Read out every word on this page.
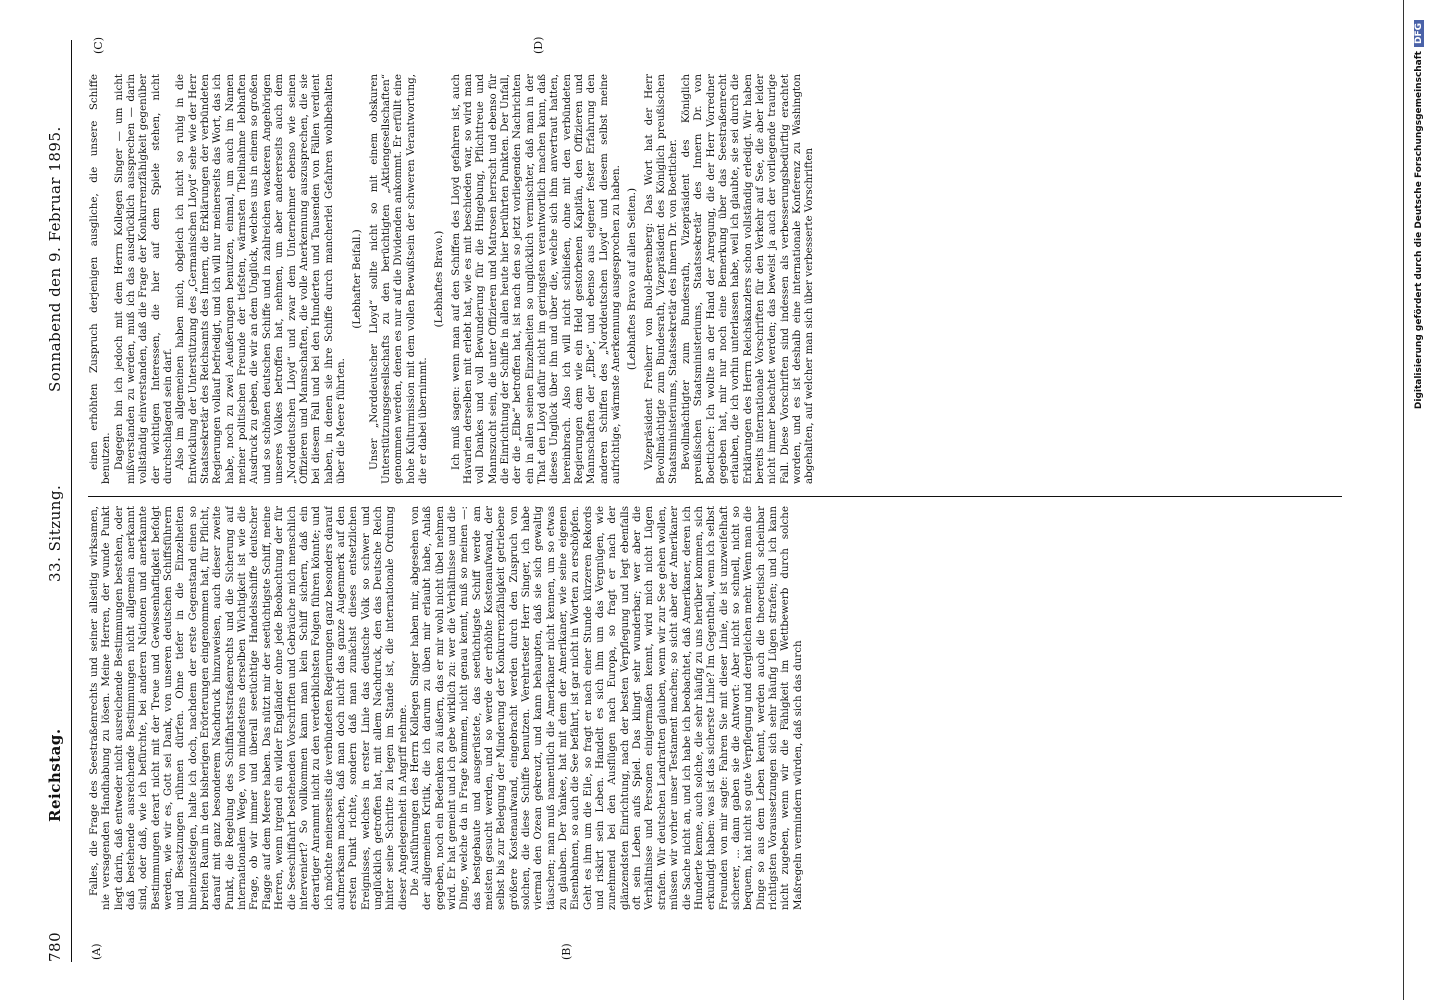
780
Reichstag.
33. Sitzung.
Sonnabend den 9. Februar 1895.
(A)	(B)
(C)	(D)

Falles, die Frage des Seestraßenrechts und seiner allseitig wirksamen, nie versagenden Handhabung zu lösen. Meine Herren, der wunde Punkt liegt darin, daß entweder nicht ausreichende Bestimmungen bestehen, oder daß bestehende ausreichende Bestimmungen nicht allgemein anerkannt sind, oder daß, wie ich befürchte, bei anderen Nationen und anerkannte Bestimmungen derart nicht mit der Treue und Gewissenhaftigkeit befolgt werden, wie wir es, Gott sei Dank, von unseren deutschen Schiffsführern und Besatzungen rühmen dürfen. Ohne tiefer in die Einzelheiten hineinzusteigen, halte ich doch, nachdem der erste Gegenstand einen so breiten Raum in den bisherigen Erörterungen eingenommen hat, für Pflicht, darauf mit ganz besonderem Nachdruck hinzuweisen, auch dieser zweite Punkt, die Regelung des Schiffahrtsstraßenrechts und die Sicherung auf internationalem Wege, von mindestens derselben Wichtigkeit ist wie die Frage, ob wir immer und überall seetüchtige Handelsschiffe deutscher Flagge auf dem Meere haben. Das nützt mir der seetüchtigste Schiff, meine Herren, wenn irgend ein wilder Engländer ohne jede Beobachtung der für die Seeschiffahrt bestehenden Vorschriften und Gebräuche mich menschlich interveniert? So vollkommen kann man kein Schiff sichern, daß ein derartiger Anrammt nicht zu den verderblichsten Folgen führen könnte; und ich möchte meinerseits die verbündeten Regierungen ganz besonders darauf aufmerksam machen, daß man doch nicht das ganze Augenmerk auf den ersten Punkt richte, sondern daß man zunächst dieses entsetzlichen Ereignisses, welches in erster Linie das deutsche Volk so schwer und unglücklich getroffen hat, mit allem Nachdruck, den das Deutsche Reich hinter seine Schritte zu legen im Stande ist, die internationale Ordnung dieser Angelegenheit in Angriff nehme. Die Ausführungen des Herrn Kollegen Singer haben mir, abgesehen von der allgemeinen Kritik, die ich darum zu üben mir erlaubt habe, Anlaß gegeben, noch ein Bedenken zu äußern, das er mir wohl nicht übel nehmen wird. Er hat gemeint und ich gebe wirklich zu: wer die Verhältnisse und die Dinge, welche da in Frage kommen, nicht genau kennt, muß so meinen —: das bestgebaute und ausgerüstete, das seetüchtigste Schiff werde am meisten gesucht werden, und so werde der erhöhte Kostenaufwand, der selbst bis zur Belegung der Minderung der Konkurrenzfähigkeit getriebene größere Kostenaufwand, eingebracht werden durch den Zuspruch von solchen, die diese Schiffe benutzen. Verehrtester Herr Singer, ich habe viermal den Ozean gekreuzt, und kann behaupten, daß sie sich gewaltig täuschen; man muß namentlich die Amerikaner nicht kennen, um so etwas zu glauben. Der Yankee, hat mit dem der Amerikaner, wie seine eigenen Eisenbahnen, so auch die See befährt, ist gar nicht in Worten zu erschöpfen. Geht es ihm um die Eile, so fragt er nach einer Stunde kürzeren Rekords und riskirt sein Leben. Handelt es sich ihm um das Vergnügen, wie zunehmend bei den Ausflügen nach Europa, so fragt er nach der glänzendsten Einrichtung, nach der besten Verpflegung und legt ebenfalls oft sein Leben aufs Spiel. Das klingt sehr wunderbar; wer aber die Verhältnisse und Personen einigermaßen kennt, wird mich nicht Lügen strafen. Wir deutschen Landratten glauben, wenn wir zur See gehen wollen, müssen wir vorher unser Testament machen; so sicht aber der Amerikaner die Sache nicht an, und ich habe ich beobachtet, daß Amerikaner, deren ich Hunderte kenne, auch solche, die sehr häufig zu uns herüber kommen, sich erkundigt haben: was ist das sicherste Linie? Im Gegentheil, wenn ich selbst Freunden von mir sagte: Fahren Sie mit dieser Linie, die ist unzweifelhaft sicherer, ... dann gaben sie die Antwort: Aber nicht so schnell, nicht so bequem, hat nicht so gute Verpflegung und dergleichen mehr. Wenn man die Dinge so aus dem Leben kennt, werden auch die theoretisch scheinbar richtigsten Voraussetzungen sich sehr häufig Lügen strafen; und ich kann nicht zugeben, wenn wir die Fähigkeit im Wettbewerb durch solche Maßregeln vermindern würden, daß sich das durch

einen erhöhten Zuspruch derjenigen ausgliche, die unsere Schiffe benutzen. Dagegen bin ich jedoch mit dem Herrn Kollegen Singer — um nicht mißverstanden zu werden, muß ich das ausdrücklich aussprechen — darin vollständig einverstanden, daß die Frage der Konkurrenzfähigkeit gegenüber der wichtigen Interessen, die hier auf dem Spiele stehen, nicht durchschlagend sein darf. Also im allgemeinen haben mich, obgleich ich nicht so ruhig in die Entwicklung der Unterstützung des „Germanischen Lloyd“ sehe wie der Herr Staatssekretär des Reichsamts des Innern, die Erklärungen der verbündeten Regierungen vollauf befriedigt, und ich will nur meinerseits das Wort, das ich habe, noch zu zwei Aeußerungen benutzen, einmal, um auch im Namen meiner politischen Freunde der tiefsten, wärmsten Theilnahme lebhaften Ausdruck zu geben, die wir an dem Unglück, welches uns in einem so großen und so schönen deutschen Schiffe und in zahlreichen wackeren Angehörigen unseres Volkes betroffen hat, nehmen, um aber andererseits auch dem „Norddeutschen Lloyd“ und zwar dem Unternehmer ebenso wie seinen Offizieren und Mannschaften, die volle Anerkennung auszusprechen, die sie bei diesem Fall und bei den Hunderten und Tausenden von Fällen verdient haben, in denen sie ihre Schiffe durch mancherlei Gefahren wohlbehalten über die Meere führten.

(Lebhafter Beifall.) Unser „Norddeutscher Lloyd“ sollte nicht so mit einem obskuren Unterstützungsgesellschafts zu den berüchtigten „Aktiengesellschaften“ genommen werden, denen es nur auf die Dividenden ankommt. Er erfüllt eine hohe Kulturmission mit dem vollen Bewußtsein der schweren Verantwortung, die er dabei übernimmt.

(Lebhaftes Bravo.) Ich muß sagen: wenn man auf den Schiffen des Lloyd gefahren ist, auch Havarien derselben mit erlebt hat, wie es mit beschieden war, so wird man voll Dankes und voll Bewunderung für die Hingebung, Pflichttreue und Mannszucht sein, die unter Offizieren und Matrosen herrscht und ebenso für die Einrichtung der Schiffe in allen heute hier berührten Punkten. Der Unfall, der die „Elbe“ betroffen hat, ist nach den so jetzt vorliegenden Nachrichten ein in allen seinen Einzelheiten so unglücklich vermischter, daß man in der That den Lloyd dafür nicht im geringsten verantwortlich machen kann, daß dieses Unglück über ihn und über die, welche sich ihm anvertraut hatten, hereinbrach. Also ich will nicht schließen, ohne mit den verbündeten Regierungen dem wie ein Held gestorbenen Kapitän, den Offizieren und Mannschaften der „Elbe“, und ebenso aus eigener fester Erfahrung den anderen Schiffen des „Norddeutschen Lloyd“ und diesem selbst meine aufrichtige, wärmste Anerkennung ausgesprochen zu haben. (Lebhaftes Bravo auf allen Seiten.) Vizepräsident Freiherr von Buol-Berenberg: Das Wort hat der Herr Bevollmächtigte zum Bundesrath, Vizepräsident des Königlich preußischen Staatsministeriums, Staatssekretär des Innern Dr. von Boetticher. Bevollmächtigter zum Bundesrath, Vizepräsident des Königlich preußischen Staatsministeriums, Staatssekretär des Innern Dr. von Boetticher: Ich wollte an der Hand der Anregung, die der Herr Vorredner gegeben hat, mir nur noch eine Bemerkung über das Seestraßenrecht erlauben, die ich vorhin unterlassen habe, weil ich glaubte, sie sei durch die Erklärungen des Herrn Reichskanzlers schon vollständig erledigt. Wir haben bereits internationale Vorschriften für den Verkehr auf See, die aber leider nicht immer beachtet werden; das beweist ja auch der vorliegende traurige Fall. Diese Vorschriften sind indessen als verbesserungsbedürftig erachtet worden, und es ist deshalb eine internationale Konferenz zu Washington abgehalten, auf welcher man sich über verbesserte Vorschriften	Digitalisierung gefördert durch die Deutsche ForschungsgemeinschaftDFG
